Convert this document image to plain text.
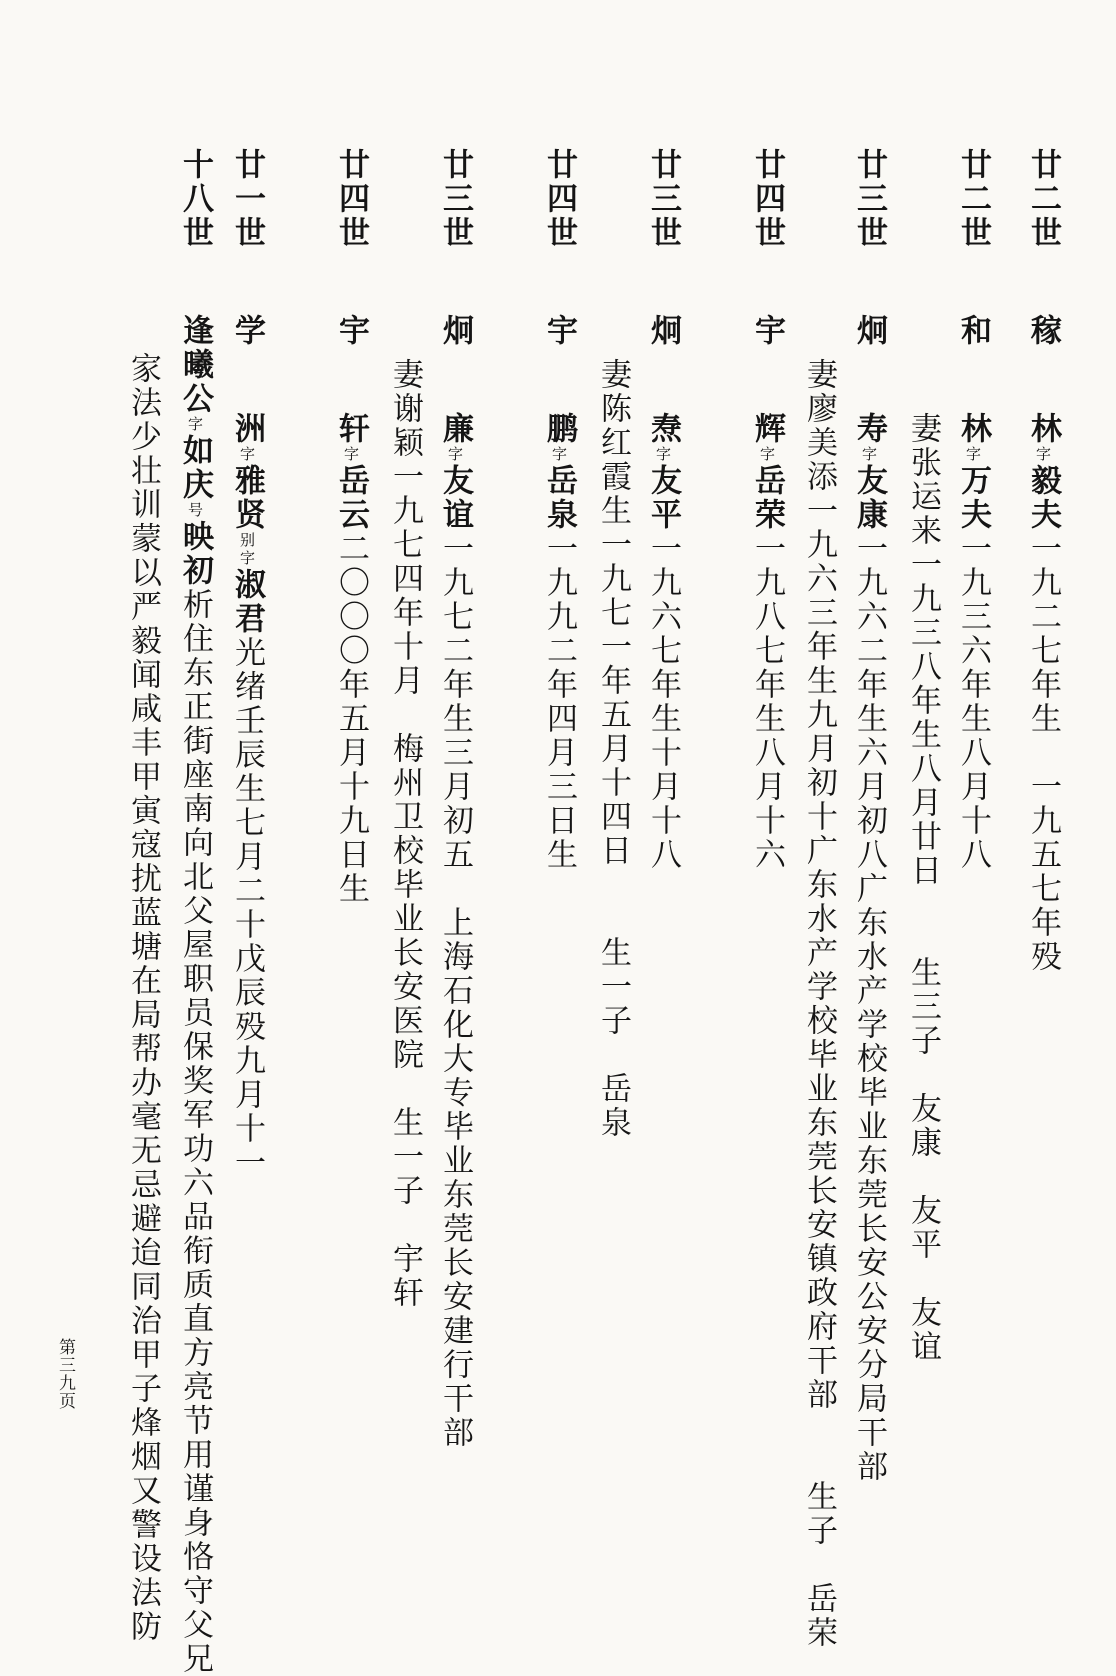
廿二世 稼 林字毅夫一九二七年生　一九五七年殁
廿二世 和 林字万夫一九三六年生八月十八
妻张运来一九三八年生八月廿日　　生三子　友康　友平　友谊
廿三世 炯 寿字友康一九六二年生六月初八广东水产学校毕业东莞长安公安分局干部
妻廖美添一九六三年生九月初十广东水产学校毕业东莞长安镇政府干部　　生子　岳荣
廿四世 宇 辉字岳荣一九八七年生八月十六
廿三世 炯 焘字友平一九六七年生十月十八
妻陈红霞生一九七一年五月十四日　　生一子　岳泉
廿四世 宇 鹏字岳泉一九九二年四月三日生
廿三世 炯 廉字友谊一九七二年生三月初五　上海石化大专毕业东莞长安建行干部
妻谢颖一九七四年十月　梅州卫校毕业长安医院　生一子　宇轩
廿四世 宇 轩字岳云二〇〇〇年五月十九日生
廿一世 学 洲字雅贤别字淑君光绪壬辰生七月二十戊辰殁九月十一
十八世 逢曦公字如庆号映初析住东正街座南向北父屋职员保奖军功六品衔质直方亮节用谨身恪守父兄
家法少壮训蒙以严毅闻咸丰甲寅寇扰蓝塘在局帮办毫无忌避迨同治甲子烽烟又警设法防
第三九页
